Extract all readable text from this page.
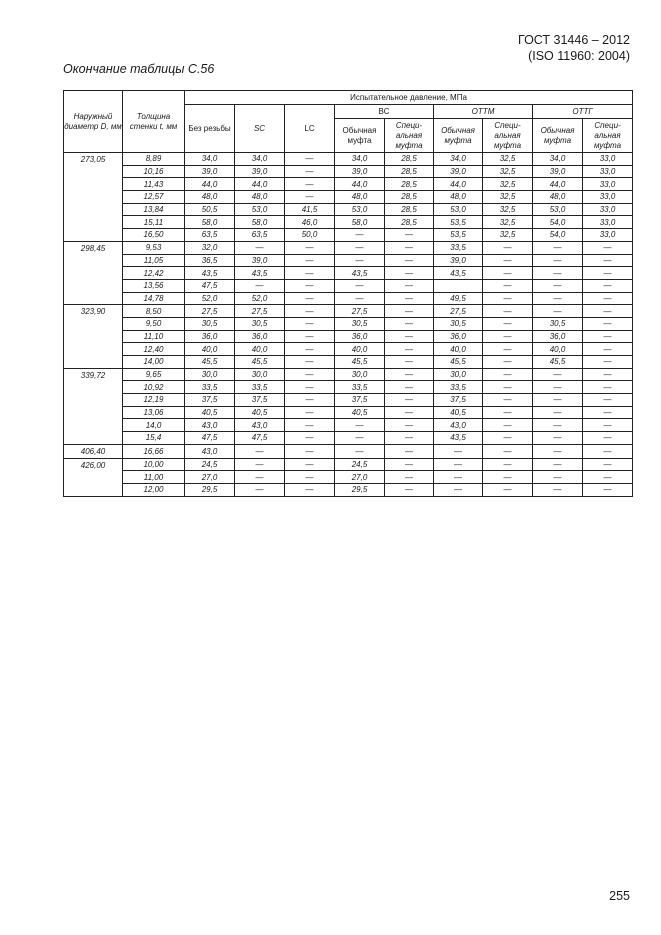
ГОСТ 31446 – 2012
(ISO 11960: 2004)
Окончание таблицы С.56
Наружный диаметр D, мм	Толщина стенки t, мм	Испытательное давление, МПа								
		Без резьбы	SC	LC	BC		ОТТМ		ОТТГ	
					Обычная муфта	Специ- альная муфта	Обычная муфта	Специ- альная муфта	Обычная муфта	Специ- альная муфта
273,05	8,89	34,0	34,0	—	34,0	28,5	34,0	32,5	34,0	33,0
	10,16	39,0	39,0	—	39,0	28,5	39,0	32,5	39,0	33,0
	11,43	44,0	44,0	—	44,0	28,5	44,0	32,5	44,0	33,0
	12,57	48,0	48,0	—	48,0	28,5	48,0	32,5	48,0	33,0
	13,84	50,5	53,0	41,5	53,0	28,5	53,0	32,5	53,0	33,0
	15,11	58,0	58,0	46,0	58,0	28,5	53,5	32,5	54,0	33,0
	16,50	63,5	63,5	50,0	—	—	53,5	32,5	54,0	33,0
298,45	9,53	32,0	—	—	—	—	33,5	—	—	—
	11,05	36,5	39,0	—	—	—	39,0	—	—	—
	12,42	43,5	43,5	—	43,5	—	43,5	—	—	—
	13,56	47,5	—	—	—	—		—	—	—
	14,78	52,0	52,0	—	—	—	49,5	—	—	—
323,90	8,50	27,5	27,5	—	27,5	—	27,5	—	—	—
	9,50	30,5	30,5	—	30,5	—	30,5	—	30,5	—
	11,10	36,0	36,0	—	36,0	—	36,0	—	36,0	—
	12,40	40,0	40,0	—	40,0	—	40,0	—	40,0	—
	14,00	45,5	45,5	—	45,5	—	45,5	—	45,5	—
339,72	9,65	30,0	30,0	—	30,0	—	30,0	—	—	—
	10,92	33,5	33,5	—	33,5	—	33,5	—	—	—
	12,19	37,5	37,5	—	37,5	—	37,5	—	—	—
	13,06	40,5	40,5	—	40,5	—	40,5	—	—	—
	14,0	43,0	43,0	—	—	—	43,0	—	—	—
	15,4	47,5	47,5	—	—	—	43,5	—	—	—
406,40	16,66	43,0	—	—	—	—	—	—	—	—
426,00	10,00	24,5	—	—	24,5	—	—	—	—	—
	11,00	27,0	—	—	27,0	—	—	—	—	—
	12,00	29,5	—	—	29,5	—	—	—	—	—
255
